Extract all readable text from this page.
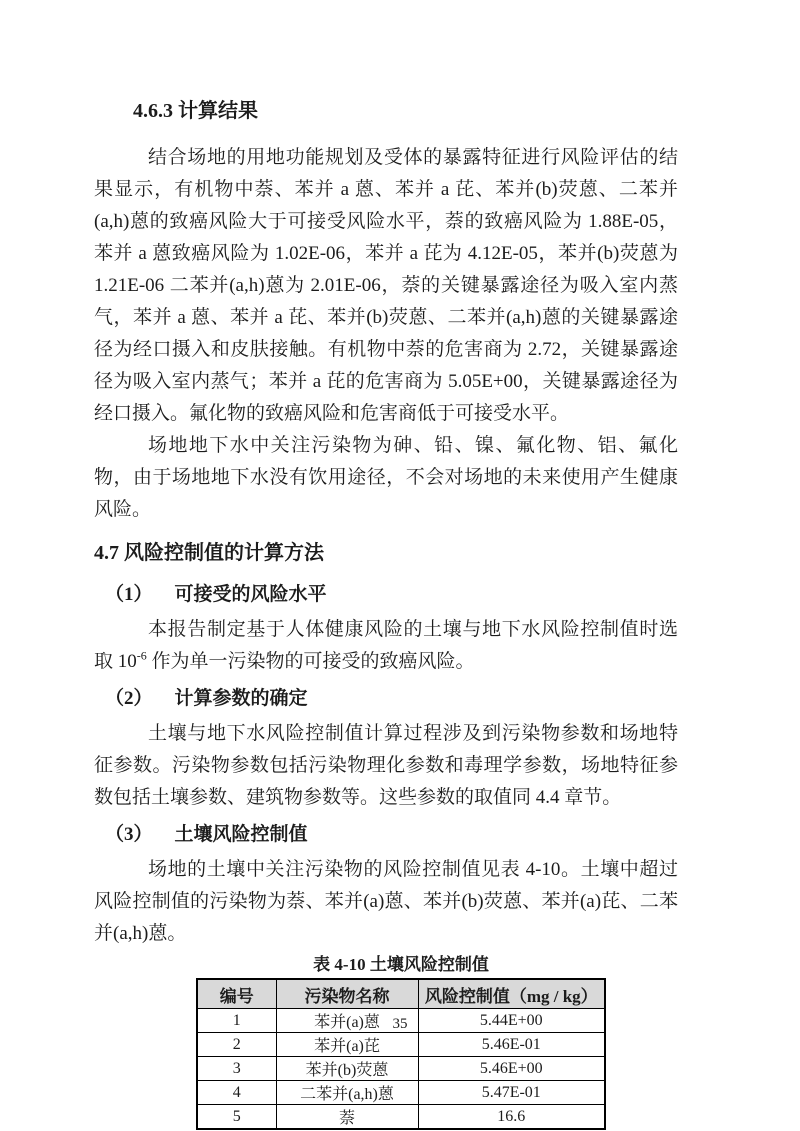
4.6.3 计算结果

结合场地的用地功能规划及受体的暴露特征进行风险评估的结果显示，有机物中萘、苯并 a 蒽、苯并 a 芘、苯并(b)荧蒽、二苯并(a,h)蒽的致癌风险大于可接受风险水平，萘的致癌风险为 1.88E-05，苯并 a 蒽致癌风险为 1.02E-06，苯并 a 芘为 4.12E-05，苯并(b)荧蒽为 1.21E-06 二苯并(a,h)蒽为 2.01E-06，萘的关键暴露途径为吸入室内蒸气，苯并 a 蒽、苯并 a 芘、苯并(b)荧蒽、二苯并(a,h)蒽的关键暴露途径为经口摄入和皮肤接触。有机物中萘的危害商为 2.72，关键暴露途径为吸入室内蒸气；苯并 a 芘的危害商为 5.05E+00，关键暴露途径为经口摄入。氟化物的致癌风险和危害商低于可接受水平。

场地地下水中关注污染物为砷、铅、镍、氟化物、铝、氟化物，由于场地地下水没有饮用途径，不会对场地的未来使用产生健康风险。

4.7 风险控制值的计算方法
（1） 可接受的风险水平

本报告制定基于人体健康风险的土壤与地下水风险控制值时选取 $10^{-6}$ 作为单一污染物的可接受的致癌风险。

（2） 计算参数的确定

土壤与地下水风险控制值计算过程涉及到污染物参数和场地特征参数。污染物参数包括污染物理化参数和毒理学参数，场地特征参数包括土壤参数、建筑物参数等。这些参数的取值同 4.4 章节。

（3） 土壤风险控制值

场地的土壤中关注污染物的风险控制值见表 4-10。土壤中超过风险控制值的污染物为萘、苯并(a)蒽、苯并(b)荧蒽、苯并(a)芘、二苯并(a,h)蒽。

表 4-10 土壤风险控制值
编号	污染物名称	风险控制值（mg / kg）
1	苯并(a)蒽	5.44E+00
2	苯并(a)芘	5.46E-01
3	苯并(b)荧蒽	5.46E+00
4	二苯并(a,h)蒽	5.47E-01
5	萘	16.6
35
